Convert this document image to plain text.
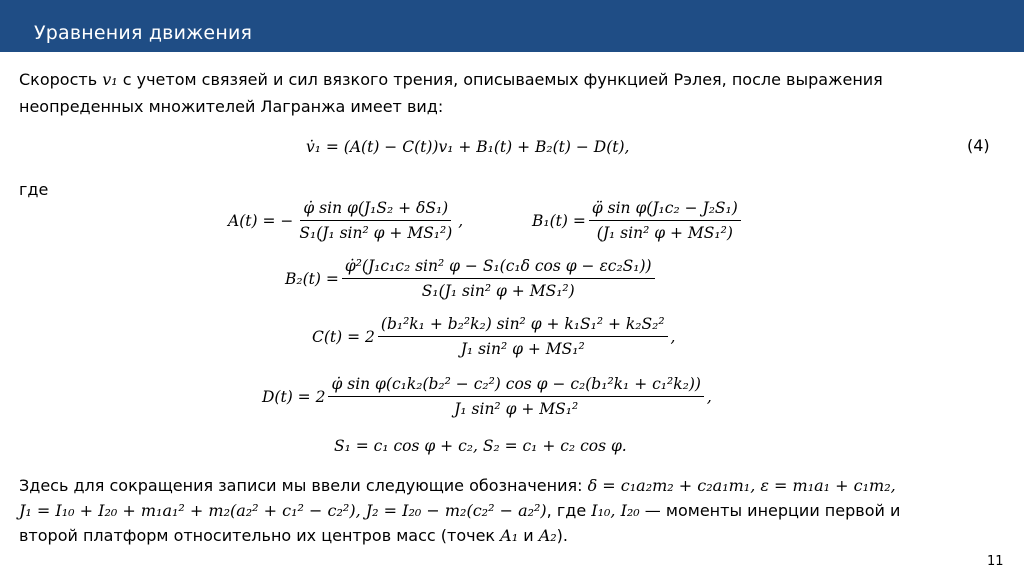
Уравнения движения
Скорость v₁ с учетом связяей и сил вязкого трения, описываемых функцией Рэлея, после выражения
неопреденных множителей Лагранжа имеет вид:
v̇₁ = (A(t) − C(t))v₁ + B₁(t) + B₂(t) − D(t),	(4)
где
A(t) = − $\frac{\text{φ̇ sin φ(J₁S₂ + δS₁)}}{\text{S₁(J₁ sin² φ + MS₁²)}}$ ,	$B_1(t) = \frac{\text{φ̈ sin φ(J₁c₂ − J₂S₁)}}{\text{(J₁ sin² φ + MS₁²)}}$
$B_2(t) = \frac{\text{φ̇²(J₁c₁c₂ sin² φ − S₁(c₁δ cos φ − εc₂S₁))}}{\text{S₁(J₁ sin² φ + MS₁²)}}$
$C(t) = 2 \frac{\text{(b₁²k₁ + b₂²k₂) sin² φ + k₁S₁² + k₂S₂²}}{\text{J₁ sin² φ + MS₁²}}$ ,
$D(t) = 2 \frac{\text{φ̇ sin φ(c₁k₂(b₂² − c₂²) cos φ − c₂(b₁²k₁ + c₁²k₂))}}{\text{J₁ sin² φ + MS₁²}}$ ,
S₁ = c₁ cos φ + c₂, S₂ = c₁ + c₂ cos φ.
Здесь для сокращения записи мы ввели следующие обозначения: δ = c₁a₂m₂ + c₂a₁m₁, ε = m₁a₁ + c₁m₂,
J₁ = I₁₀ + I₂₀ + m₁a₁² + m₂(a₂² + c₁² − c₂²), J₂ = I₂₀ − m₂(c₂² − a₂²), где I₁₀, I₂₀ — моменты инерции первой и
второй платформ относительно их центров масс (точек A₁ и A₂).
11
